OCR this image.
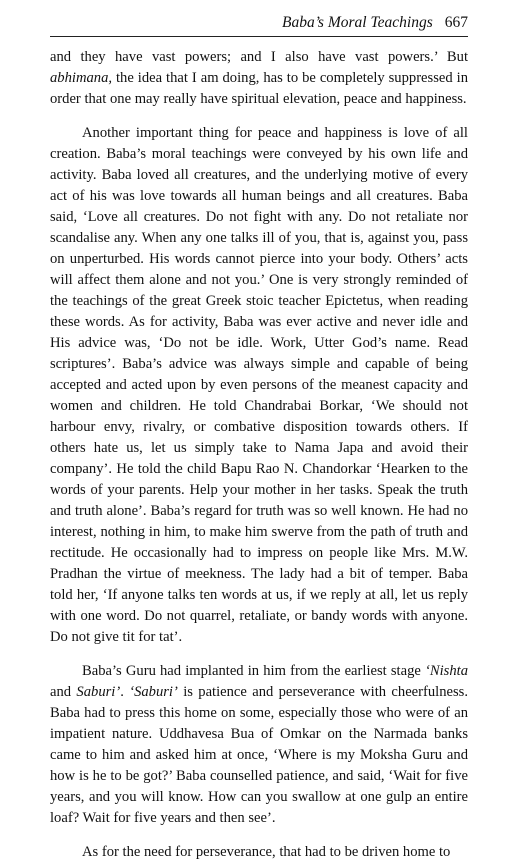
Baba’s Moral Teachings 667

and they have vast powers; and I also have vast powers.’ But abhimana, the idea that I am doing, has to be completely suppressed in order that one may really have spiritual elevation, peace and happiness.

Another important thing for peace and happiness is love of all creation. Baba’s moral teachings were conveyed by his own life and activity. Baba loved all creatures, and the underlying motive of every act of his was love towards all human beings and all creatures. Baba said, ‘Love all creatures. Do not fight with any. Do not retaliate nor scandalise any. When any one talks ill of you, that is, against you, pass on unperturbed. His words cannot pierce into your body. Others’ acts will affect them alone and not you.’ One is very strongly reminded of the teachings of the great Greek stoic teacher Epictetus, when reading these words. As for activity, Baba was ever active and never idle and His advice was, ‘Do not be idle. Work, Utter God’s name. Read scriptures’. Baba’s advice was always simple and capable of being accepted and acted upon by even persons of the meanest capacity and women and children. He told Chandrabai Borkar, ‘We should not harbour envy, rivalry, or combative disposition towards others. If others hate us, let us simply take to Nama Japa and avoid their company’. He told the child Bapu Rao N. Chandorkar ‘Hearken to the words of your parents. Help your mother in her tasks. Speak the truth and truth alone’. Baba’s regard for truth was so well known. He had no interest, nothing in him, to make him swerve from the path of truth and rectitude. He occasionally had to impress on people like Mrs. M.W. Pradhan the virtue of meekness. The lady had a bit of temper. Baba told her, ‘If anyone talks ten words at us, if we reply at all, let us reply with one word. Do not quarrel, retaliate, or bandy words with anyone. Do not give tit for tat’.

Baba’s Guru had implanted in him from the earliest stage ‘Nishta and Saburi’. ‘Saburi’ is patience and perseverance with cheerfulness. Baba had to press this home on some, especially those who were of an impatient nature. Uddhavesa Bua of Omkar on the Narmada banks came to him and asked him at once, ‘Where is my Moksha Guru and how is he to be got?’ Baba counselled patience, and said, ‘Wait for five years, and you will know. How can you swallow at one gulp an entire loaf? Wait for five years and then see’.

As for the need for perseverance, that had to be driven home to
